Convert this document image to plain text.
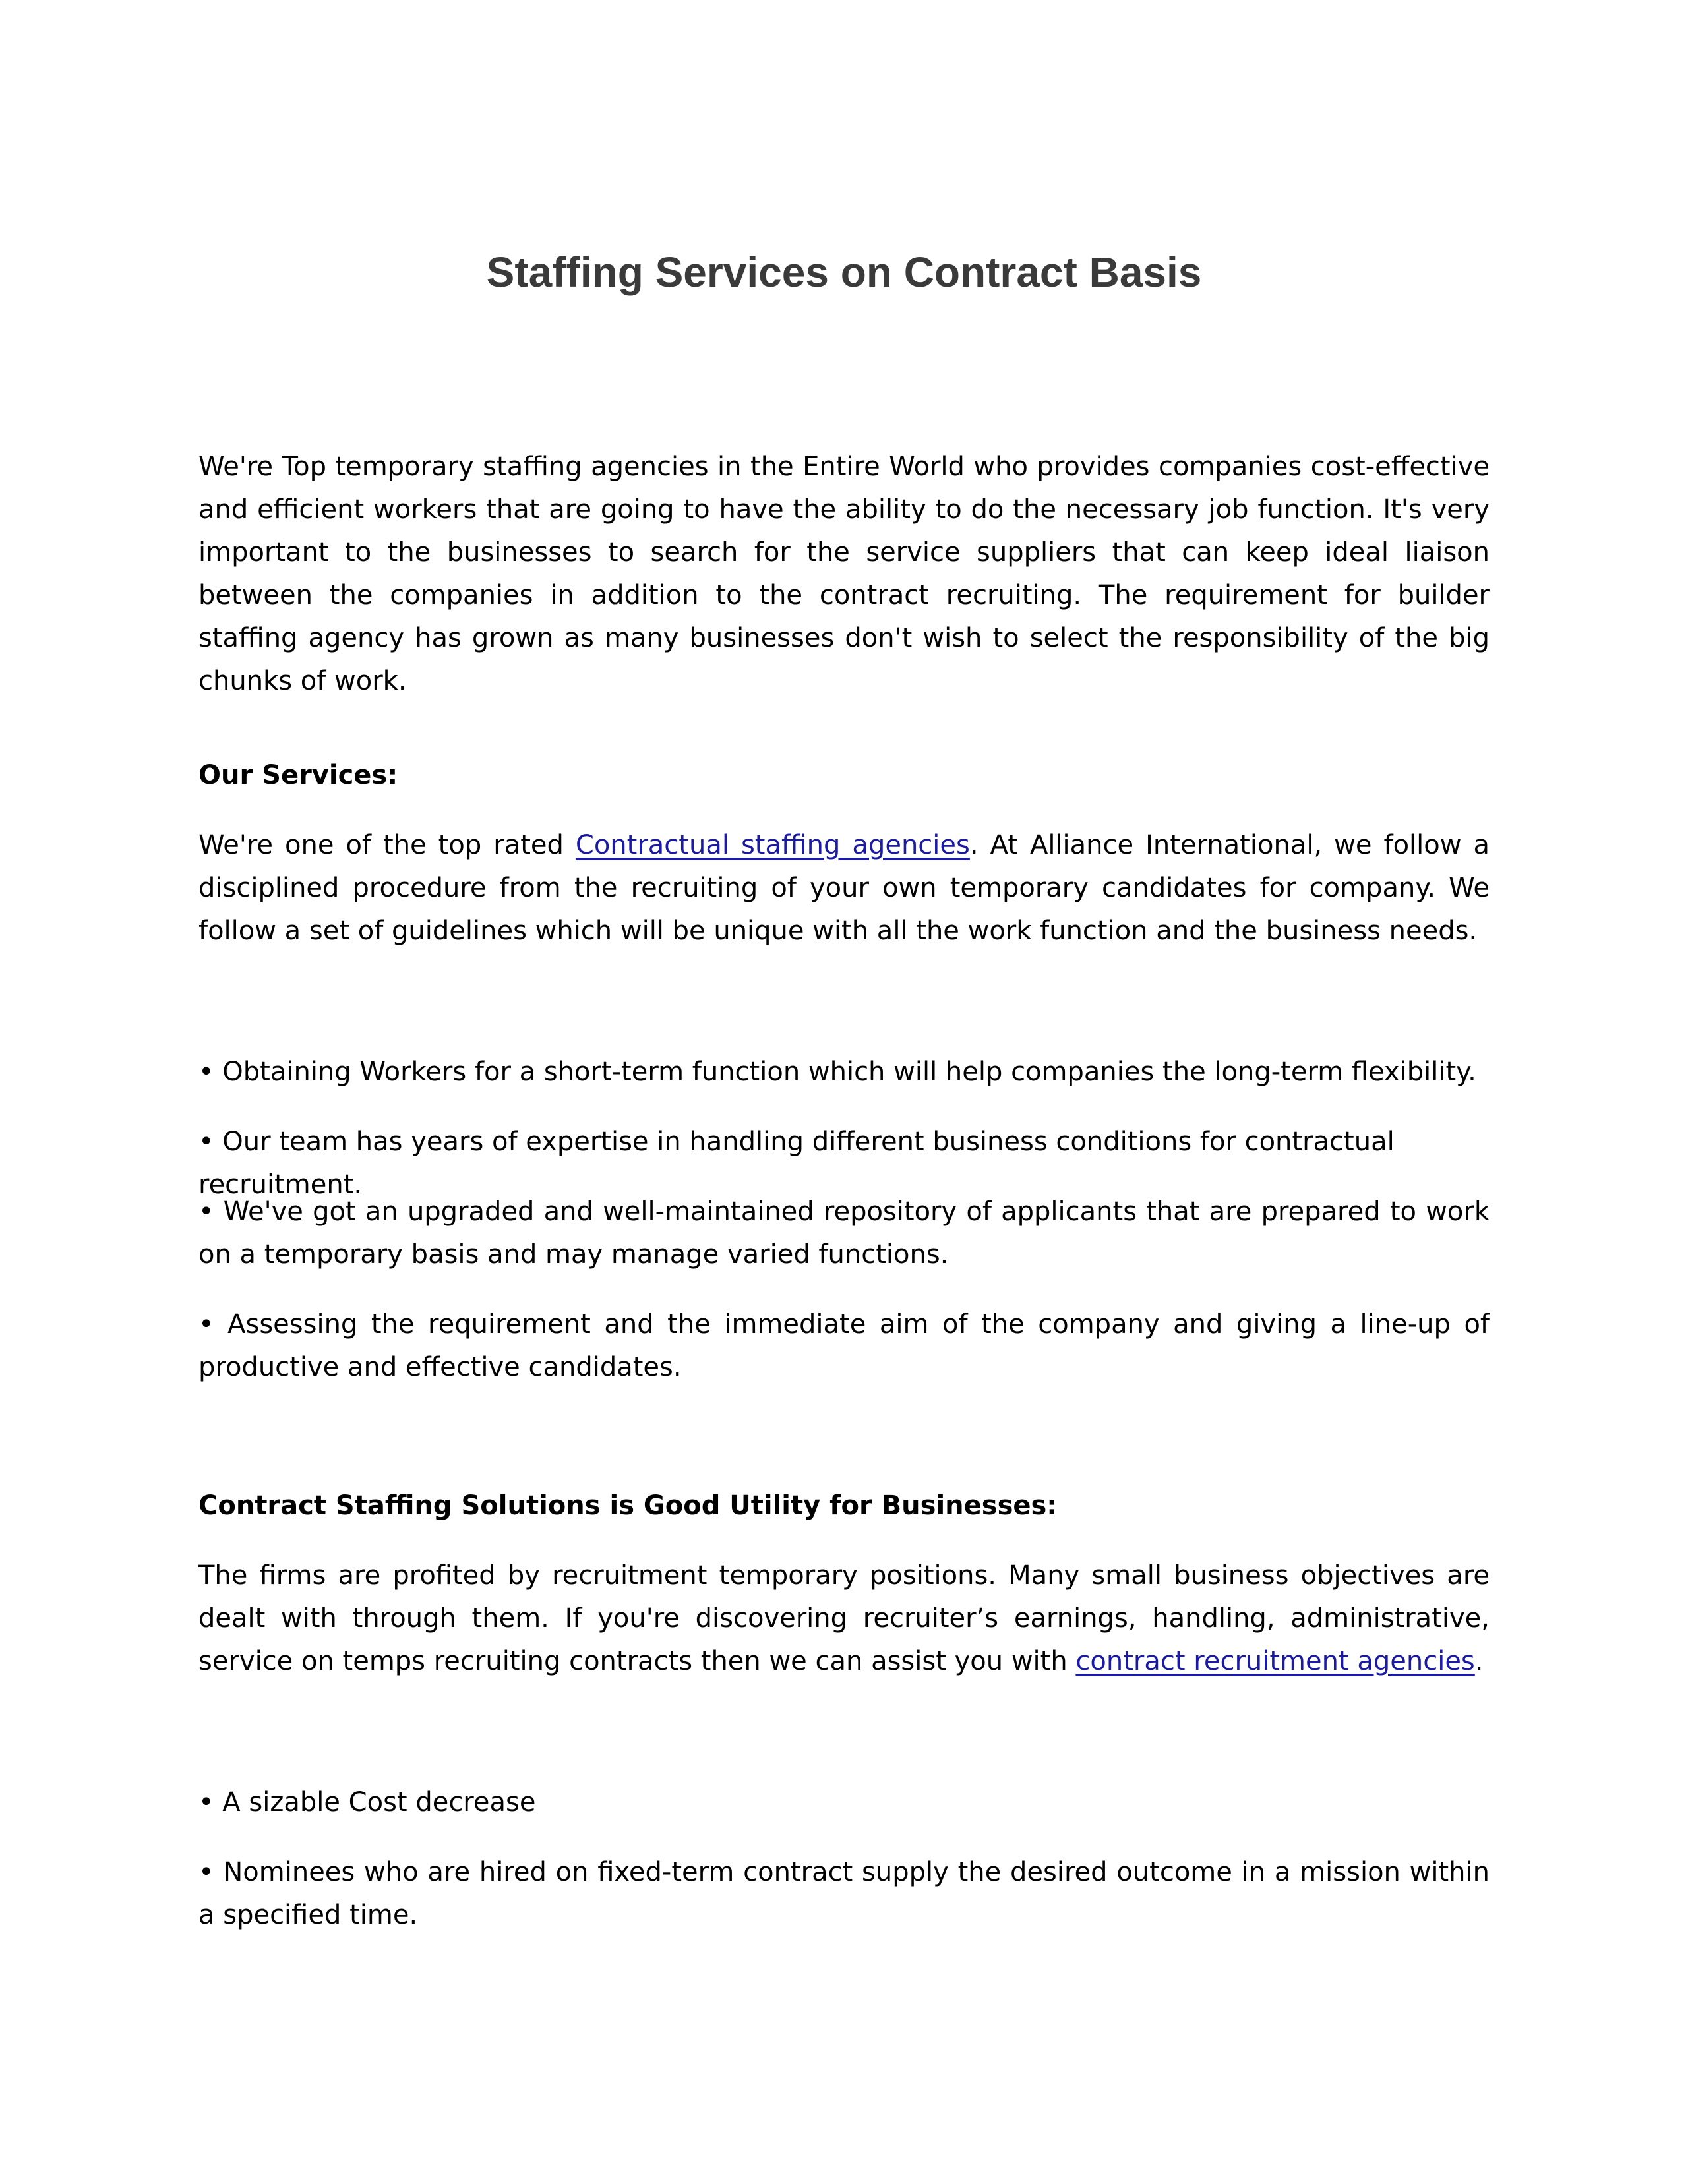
Staffing Services on Contract Basis

We're Top temporary staffing agencies in the Entire World who provides companies cost-effective and efficient workers that are going to have the ability to do the necessary job function. It's very important to the businesses to search for the service suppliers that can keep ideal liaison between the companies in addition to the contract recruiting. The requirement for builder staffing agency has grown as many businesses don't wish to select the responsibility of the big chunks of work.

Our Services:

We're one of the top rated Contractual staffing agencies. At Alliance International, we follow a disciplined procedure from the recruiting of your own temporary candidates for company. We follow a set of guidelines which will be unique with all the work function and the business needs.

• Obtaining Workers for a short-term function which will help companies the long-term flexibility.

• Our team has years of expertise in handling different business conditions for contractual recruitment.

• We've got an upgraded and well-maintained repository of applicants that are prepared to work on a temporary basis and may manage varied functions.

• Assessing the requirement and the immediate aim of the company and giving a line-up of productive and effective candidates.

Contract Staffing Solutions is Good Utility for Businesses:

The firms are profited by recruitment temporary positions. Many small business objectives are dealt with through them. If you're discovering recruiter’s earnings, handling, administrative, service on temps recruiting contracts then we can assist you with contract recruitment agencies.

• A sizable Cost decrease

• Nominees who are hired on fixed-term contract supply the desired outcome in a mission within a specified time.
